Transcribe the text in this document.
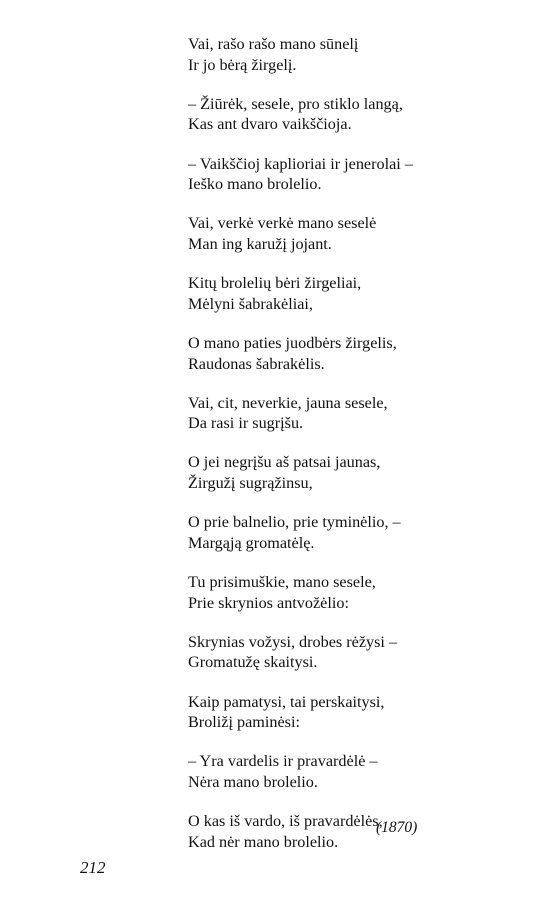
Vai, rašo rašo mano sūnelį
Ir jo bėrą žirgelį.
– Žiūrėk, sesele, pro stiklo langą,
Kas ant dvaro vaikščioja.
– Vaikščioj kaplioriai ir jenerolai –
Ieško mano brolelio.
Vai, verkė verkė mano seselė
Man ing karužį jojant.
Kitų brolelių bėri žirgeliai,
Mėlyni šabrakėliai,
O mano paties juodbėrs žirgelis,
Raudonas šabrakėlis.
Vai, cit, neverkie, jauna sesele,
Da rasi ir sugrįšu.
O jei negrįšu aš patsai jaunas,
Žirgužį sugrąžinsu,
O prie balnelio, prie tyminėlio, –
Margąją gromatėlę.
Tu prisimuškie, mano sesele,
Prie skrynios antvožėlio:
Skrynias vožysi, drobes rėžysi –
Gromatužę skaitysi.
Kaip pamatysi, tai perskaitysi,
Broližį paminėsi:
– Yra vardelis ir pravardėlė –
Nėra mano brolelio.
O kas iš vardo, iš pravardėlės,
Kad nėr mano brolelio.
(1870)
212
